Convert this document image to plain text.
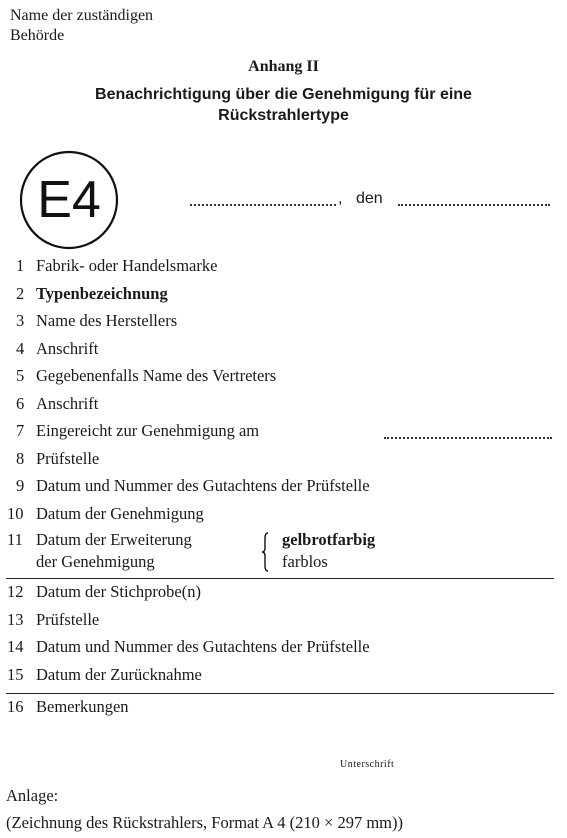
Name der zuständigen
Behörde
Anhang II
Benachrichtigung über die Genehmigung für eine
Rückstrahlertype
E4	, den
1 Fabrik- oder Handelsmarke
2 Typenbezeichnung
3 Name des Herstellers
4 Anschrift
5 Gegebenenfalls Name des Vertreters
6 Anschrift
7 Eingereicht zur Genehmigung am
8 Prüfstelle
9 Datum und Nummer des Gutachtens der Prüfstelle
10 Datum der Genehmigung
11 Datum der Erweiterung
der Genehmigung
gelbrotfarbig
farblos
12 Datum der Stichprobe(n)
13 Prüfstelle
14 Datum und Nummer des Gutachtens der Prüfstelle
15 Datum der Zurücknahme
16 Bemerkungen
Unterschrift
Anlage:
(Zeichnung des Rückstrahlers, Format A 4 (210 × 297 mm))
